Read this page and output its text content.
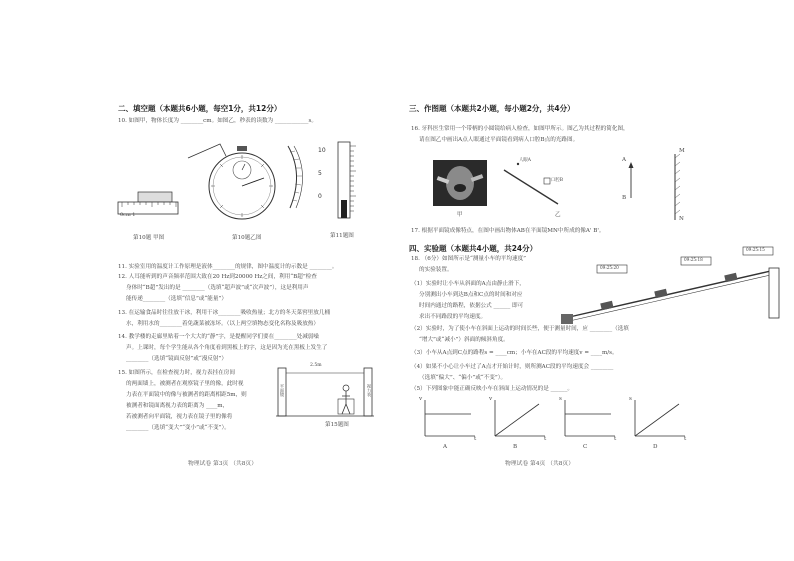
二、填空题（本题共6小题，每空1分，共12分）
10. 如图甲，物体长度为 ________cm。如图乙，秒表的读数为 ____________s。
0cm 1
第10题 甲图	第10题乙图
10
5
0
第11题图
11. 实验室用的温度计工作原理是液体________的规律，图中温度计的示数是 ________。
12. 人耳能听到的声音频率范围大致在20 Hz到20000 Hz之间，利用“B超”检查
身体时“B超”发出的是 ________（选填“超声波”或“次声波”），这是利用声
能传递________（选填“信息”或“能量”）
13. 在运输食品时往往放干冰，利用干冰________吸收热量；北方的冬天菜窖里放几桶
水，利用水的________着免蔬菜被冻坏。（以上两空填物态变化名称及吸放热）
14. 教学楼的走廊里贴着一个大大的“静”字，是提醒同学们要在________处减弱噪
声。上课时，每个学生能从各个角度看到黑板上的字，这是因为光在黑板上发生了
________（选填“镜面反射”或“漫反射”）
15. 如图所示，在检查视力时，视力表挂在房间
的两面墙上，被测者在观察镜子里的像，此时视
力表在平面镜中的像与被测者的距离相距5m，则
被测者和镜面离视力表的距离为 ____m，
若被测者向平面镜，视力表在镜子里的像将
________（选填“变大”“变小”或“不变”）。
2.5m
平面镜	视力表
第15题图
物理试卷 第3页 （共8页）
三、作图题（本题共2小题，每小题2分，共4分）
16. 牙科医生常用一个带柄的小圆镜给病人检查，如图甲所示。图乙为其过程的简化图，
请在图乙中画出A点人眼通过平面镜看到病人口腔B点的光路图。
甲
人眼A
口腔B
乙
A
B
M
N
17. 根据平面镜成像特点，在图中画出物体AB在平面镜MN中所成的像A' B'。
四、实验题（本题共4小题，共24分）
18. （6分）如图所示是“测量小车的平均速度”
的实验装置。
（1）实验时让小车从斜面的A点由静止滑下，
分别测出小车到达B点和C点的时间和对应
时间内通过的路程，依据公式 ______ 即可
求出不同路段的平均速度。
（2）实验时，为了使小车在斜面上运动的时间长些，便于测量时间，应 ________（选填
“增大”或“减小”）斜面的倾斜角度。
（3）小车从A点到C点的路程s = ____cm；小车在AC段的平均速度v = ____m/s。
（4）如果不小心让小车过了A点才开始计时，则所测AC段的平均速度会 ________
（选填“偏大”、“偏小”或“不变”）。
（5）下列图象中能正确反映小车在斜面上运动情况的是 ______。
09:25:20
09:25:18
09:25:15
v
t
A
v
t
B
s
t
C
s
t
D
物理试卷 第4页 （共8页）
